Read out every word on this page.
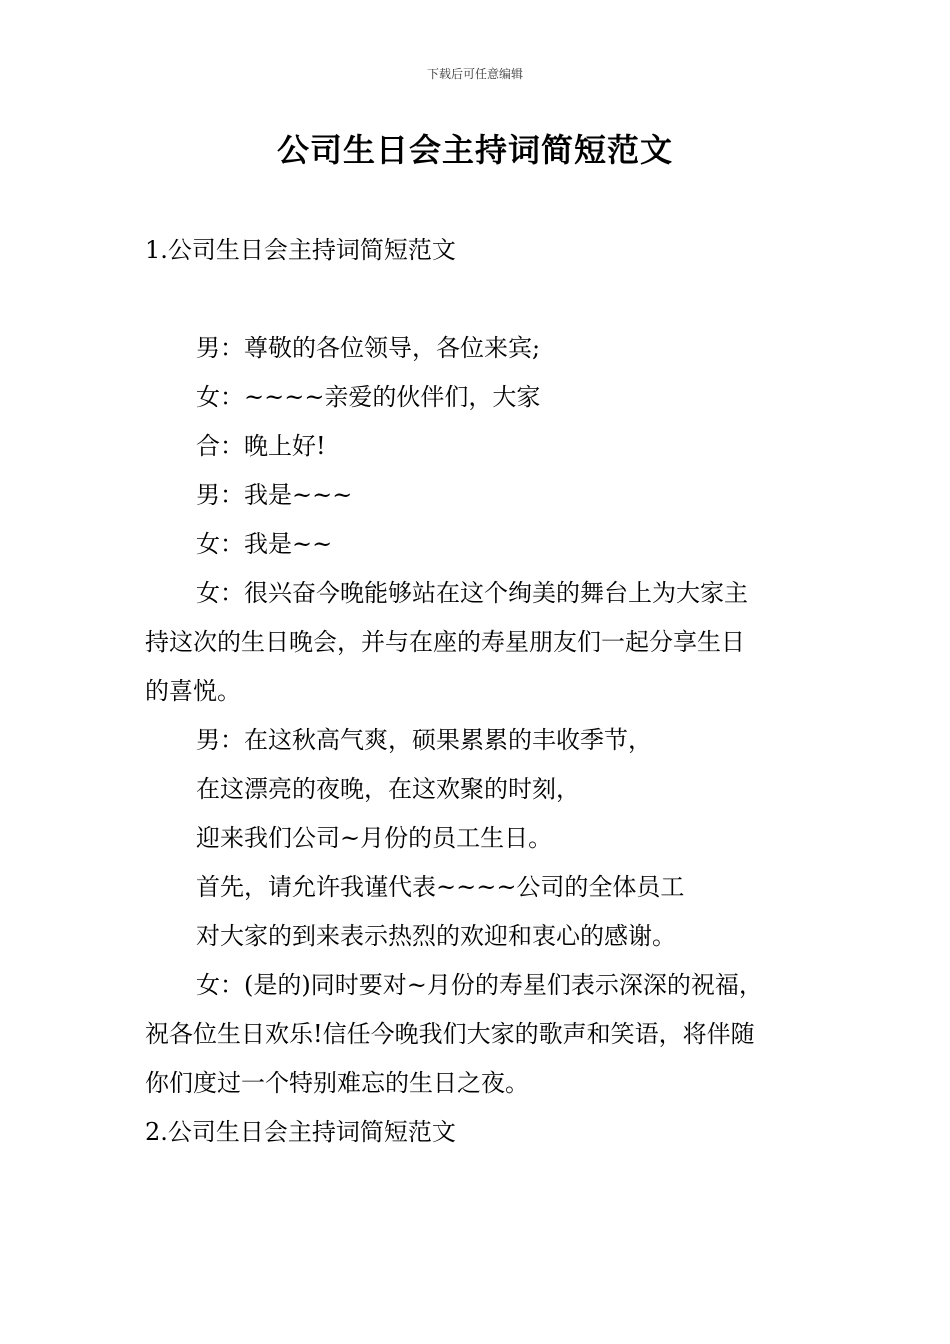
下载后可任意编辑
公司生日会主持词简短范文
1.公司生日会主持词简短范文
男：尊敬的各位领导，各位来宾;
女：~~~~亲爱的伙伴们，大家
合：晚上好!
男：我是~~~
女：我是~~
女：很兴奋今晚能够站在这个绚美的舞台上为大家主
持这次的生日晚会，并与在座的寿星朋友们一起分享生日
的喜悦。
男：在这秋高气爽，硕果累累的丰收季节，
在这漂亮的夜晚，在这欢聚的时刻，
迎来我们公司~月份的员工生日。
首先，请允许我谨代表~~~~公司的全体员工
对大家的到来表示热烈的欢迎和衷心的感谢。
女：(是的)同时要对~月份的寿星们表示深深的祝福，
祝各位生日欢乐!信任今晚我们大家的歌声和笑语，将伴随
你们度过一个特别难忘的生日之夜。
2.公司生日会主持词简短范文
